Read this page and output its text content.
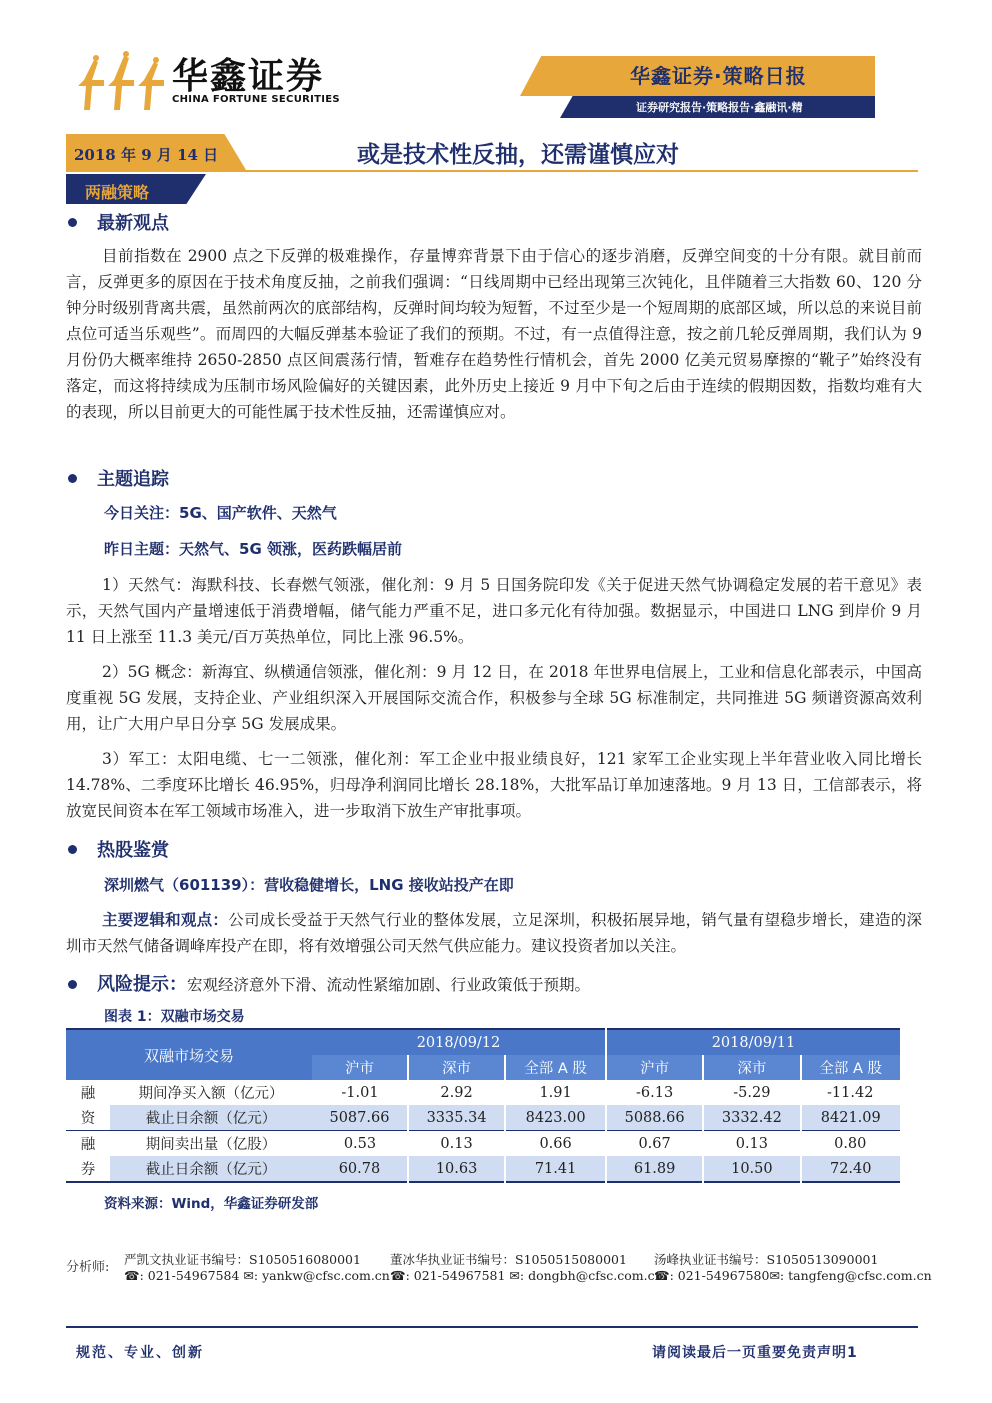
华鑫证券
CHINA FORTUNE SECURITIES
华鑫证券·策略日报
证券研究报告·策略报告·鑫融讯·精
2018 年 9 月 14 日	或是技术性反抽，还需谨慎应对
两融策略
最新观点
目前指数在 2900 点之下反弹的极难操作，存量博弈背景下由于信心的逐步消磨，反弹空间变的十分有限。就目前而言，反弹更多的原因在于技术角度反抽，之前我们强调：“日线周期中已经出现第三次钝化，且伴随着三大指数 60、120 分钟分时级别背离共震，虽然前两次的底部结构，反弹时间均较为短暂，不过至少是一个短周期的底部区域，所以总的来说目前点位可适当乐观些”。而周四的大幅反弹基本验证了我们的预期。不过，有一点值得注意，按之前几轮反弹周期，我们认为 9 月份仍大概率维持 2650-2850 点区间震荡行情，暂难存在趋势性行情机会，首先 2000 亿美元贸易摩擦的“靴子”始终没有落定，而这将持续成为压制市场风险偏好的关键因素，此外历史上接近 9 月中下旬之后由于连续的假期因数，指数均难有大的表现，所以目前更大的可能性属于技术性反抽，还需谨慎应对。
主题追踪
今日关注：5G、国产软件、天然气
昨日主题：天然气、5G 领涨，医药跌幅居前
1）天然气：海默科技、长春燃气领涨，催化剂：9 月 5 日国务院印发《关于促进天然气协调稳定发展的若干意见》表示，天然气国内产量增速低于消费增幅，储气能力严重不足，进口多元化有待加强。数据显示，中国进口 LNG 到岸价 9 月 11 日上涨至 11.3 美元/百万英热单位，同比上涨 96.5%。
2）5G 概念：新海宜、纵横通信领涨，催化剂：9 月 12 日，在 2018 年世界电信展上，工业和信息化部表示，中国高度重视 5G 发展，支持企业、产业组织深入开展国际交流合作，积极参与全球 5G 标准制定，共同推进 5G 频谱资源高效利用，让广大用户早日分享 5G 发展成果。
3）军工：太阳电缆、七一二领涨，催化剂：军工企业中报业绩良好，121 家军工企业实现上半年营业收入同比增长 14.78%、二季度环比增长 46.95%，归母净利润同比增长 28.18%，大批军品订单加速落地。9 月 13 日，工信部表示，将放宽民间资本在军工领域市场准入，进一步取消下放生产审批事项。
热股鉴赏
深圳燃气（601139）：营收稳健增长，LNG 接收站投产在即
主要逻辑和观点：公司成长受益于天然气行业的整体发展，立足深圳，积极拓展异地，销气量有望稳步增长，建造的深圳市天然气储备调峰库投产在即，将有效增强公司天然气供应能力。建议投资者加以关注。
风险提示：宏观经济意外下滑、流动性紧缩加剧、行业政策低于预期。
图表 1：双融市场交易
双融市场交易		2018/09/12			2018/09/11		
		沪市	深市	全部 A 股	沪市	深市	全部 A 股
融	期间净买入额（亿元）	-1.01	2.92	1.91	-6.13	-5.29	-11.42
资	截止日余额（亿元）	5087.66	3335.34	8423.00	5088.66	3332.42	8421.09
融	期间卖出量（亿股）	0.53	0.13	0.66	0.67	0.13	0.80
券	截止日余额（亿元）	60.78	10.63	71.41	61.89	10.50	72.40
资料来源：Wind，华鑫证券研发部
分析师:
严凯文执业证书编号：S1050516080001
☎: 021-54967584 ✉: yankw@cfsc.com.cn
董冰华执业证书编号：S1050515080001
☎: 021-54967581 ✉: dongbh@cfsc.com.cn
汤峰执业证书编号：S1050513090001
☎: 021-54967580✉: tangfeng@cfsc.com.cn
规范、专业、创新	请阅读最后一页重要免责声明1
